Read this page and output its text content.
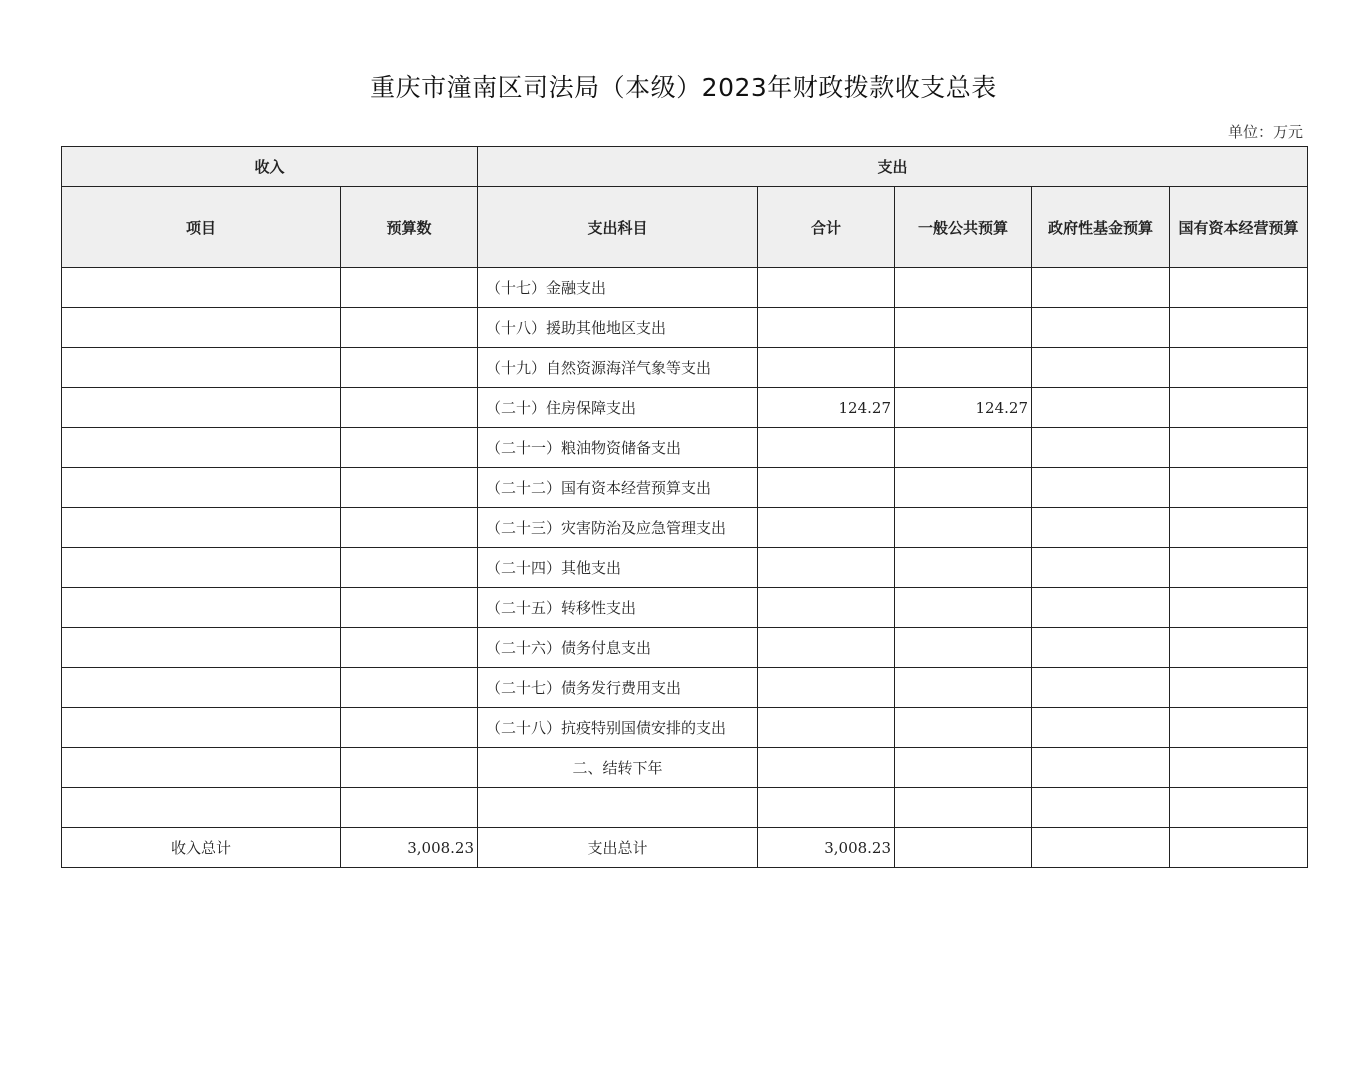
重庆市潼南区司法局（本级）2023年财政拨款收支总表
单位：万元
收入		支出				
项目	预算数	支出科目	合计	一般公共预算	政府性基金预算	国有资本经营预算
		（十七）金融支出				
		（十八）援助其他地区支出				
		（十九）自然资源海洋气象等支出				
		（二十）住房保障支出	124.27	124.27		
		（二十一）粮油物资储备支出				
		（二十二）国有资本经营预算支出				
		（二十三）灾害防治及应急管理支出				
		（二十四）其他支出				
		（二十五）转移性支出				
		（二十六）债务付息支出				
		（二十七）债务发行费用支出				
		（二十八）抗疫特别国债安排的支出				
		二、结转下年				

收入总计	3,008.23	支出总计	3,008.23			
